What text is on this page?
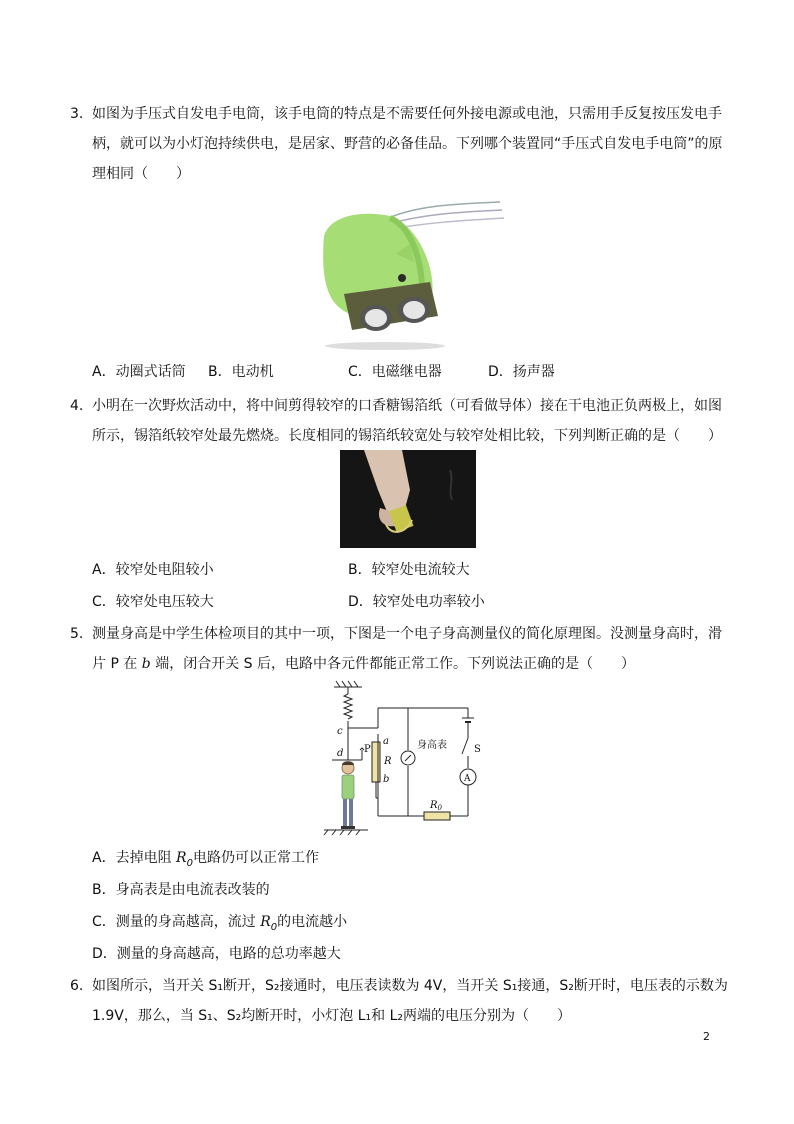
3. 如图为手压式自发电手电筒，该手电筒的特点是不需要任何外接电源或电池，只需用手反复按压发电手
柄，就可以为小灯泡持续供电，是居家、野营的必备佳品。下列哪个装置同“手压式自发电手电筒”的原
理相同（　　）
A．动圈式话筒 B．电动机	C．电磁继电器	D．扬声器
4. 小明在一次野炊活动中，将中间剪得较窄的口香糖锡箔纸（可看做导体）接在干电池正负两极上，如图
所示，锡箔纸较窄处最先燃烧。长度相同的锡箔纸较宽处与较窄处相比较，下列判断正确的是（　　）
A．较窄处电阻较小	B．较窄处电流较大
C．较窄处电压较大	D．较窄处电功率较小
5. 测量身高是中学生体检项目的其中一项，下图是一个电子身高测量仪的简化原理图。没测量身高时，滑
片 P 在 b 端，闭合开关 S 后，电路中各元件都能正常工作。下列说法正确的是（　　）
c
d P
a
R
b
S
A
$R_0$
身高表
A．去掉电阻 $R_0$电路仍可以正常工作
B．身高表是由电流表改装的
C．测量的身高越高，流过 $R_0$的电流越小
D．测量的身高越高，电路的总功率越大
6. 如图所示，当开关 S₁断开，S₂接通时，电压表读数为 4V，当开关 S₁接通，S₂断开时，电压表的示数为
1.9V，那么，当 S₁、S₂均断开时，小灯泡 L₁和 L₂两端的电压分别为（　　）
2
